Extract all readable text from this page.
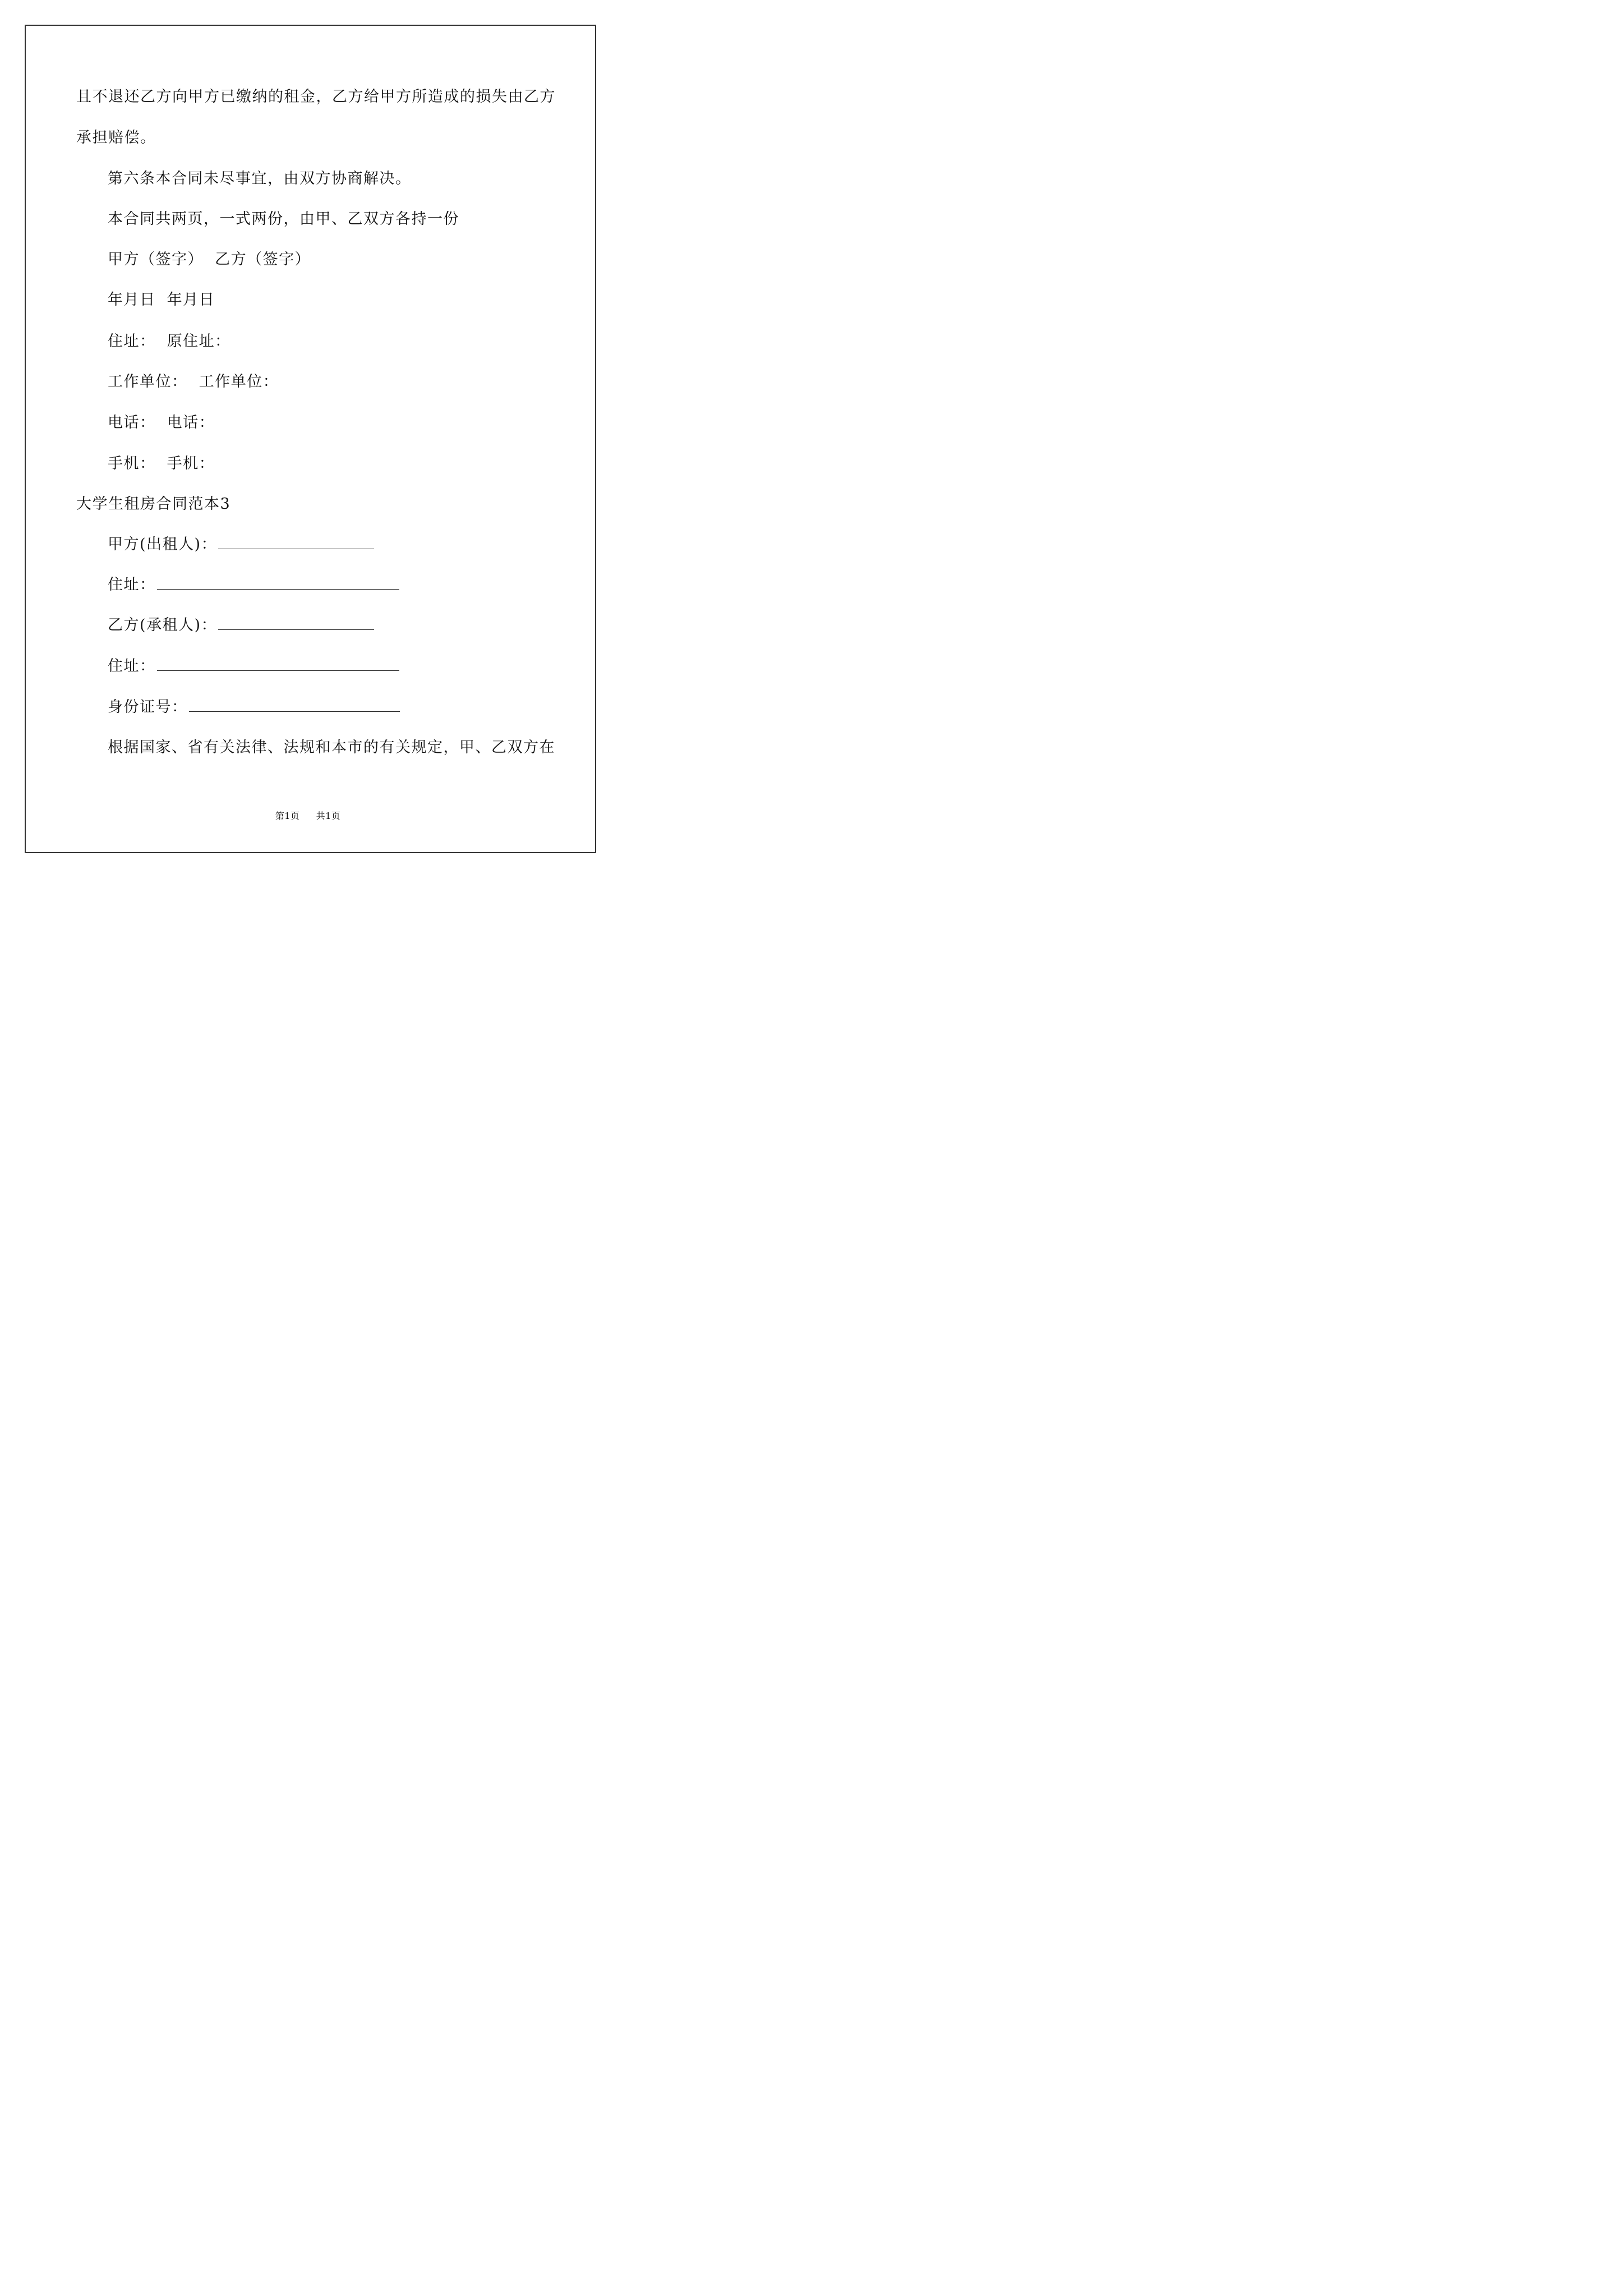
且不退还乙方向甲方已缴纳的租金，乙方给甲方所造成的损失由乙方
承担赔偿。
第六条本合同未尽事宜，由双方协商解决。
本合同共两页，一式两份，由甲、乙双方各持一份
甲方（签字）  乙方（签字）
年月日  年月日
住址：  原住址：
工作单位：  工作单位：
电话：  电话：
手机：  手机：
大学生租房合同范本3
甲方(出租人)：
住址：
乙方(承租人)：
住址：
身份证号：
根据国家、省有关法律、法规和本市的有关规定，甲、乙双方在
第1页 共1页
